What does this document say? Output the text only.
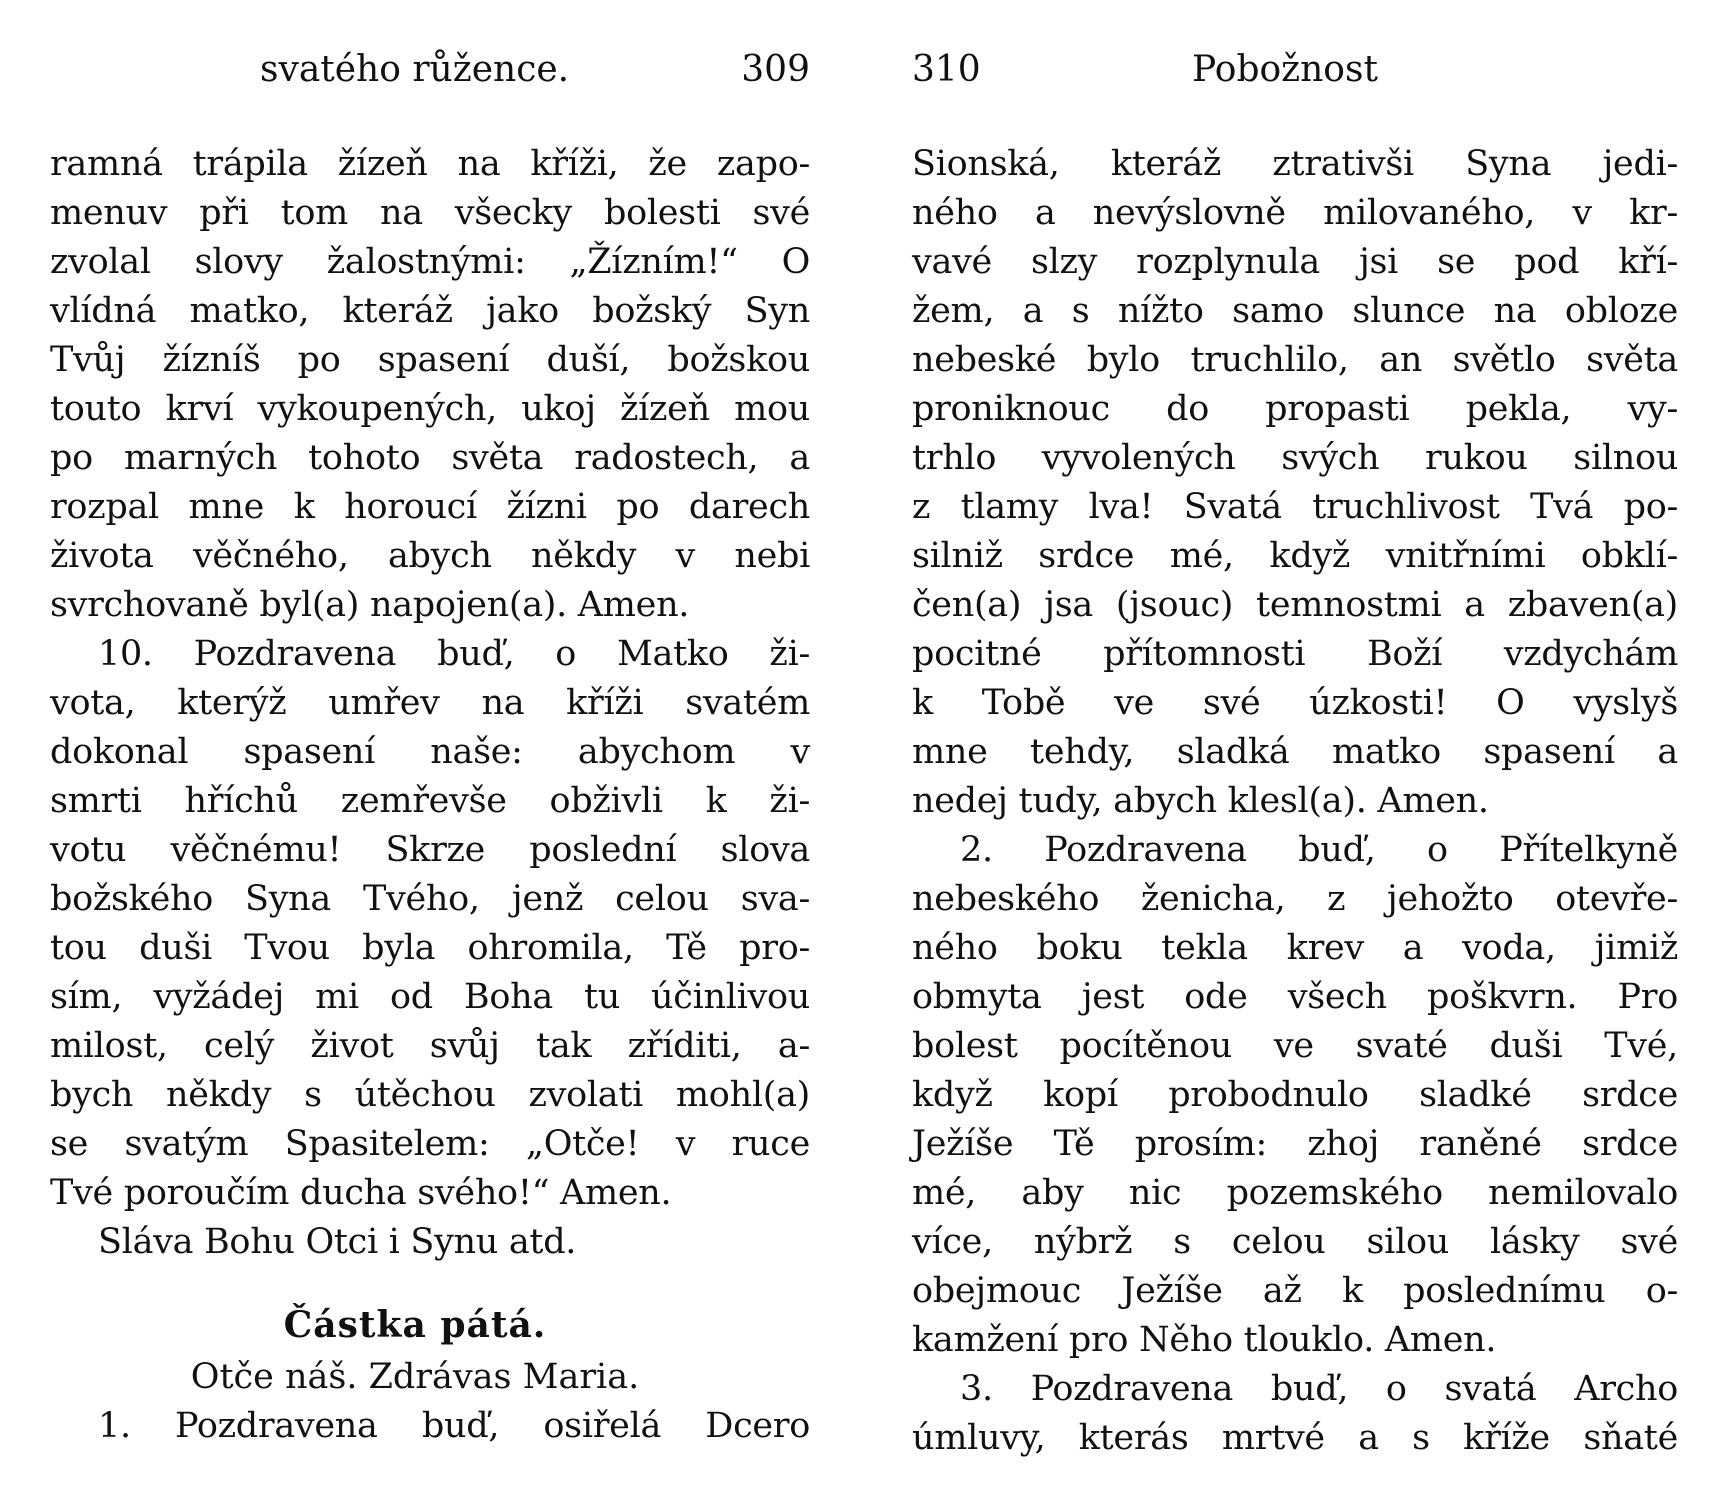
svatého růžence.	309
ramná trápila žízeň na kříži, že zapo-
menuv při tom na všecky bolesti své
zvolal slovy žalostnými: „Žízním!“ O
vlídná matko, kteráž jako božský Syn
Tvůj žízníš po spasení duší, božskou
touto krví vykoupených, ukoj žízeň mou
po marných tohoto světa radostech, a
rozpal mne k horoucí žízni po darech
života věčného, abych někdy v nebi
svrchovaně byl(a) napojen(a). Amen.
10. Pozdravena buď, o Matko ži-
vota, kterýž umřev na kříži svatém
dokonal spasení naše: abychom v
smrti hříchů zemřevše obživli k ži-
votu věčnému! Skrze poslední slova
božského Syna Tvého, jenž celou sva-
tou duši Tvou byla ohromila, Tě pro-
sím, vyžádej mi od Boha tu účinlivou
milost, celý život svůj tak zříditi, a-
bych někdy s útěchou zvolati mohl(a)
se svatým Spasitelem: „Otče! v ruce
Tvé poroučím ducha svého!“ Amen.
Sláva Bohu Otci i Synu atd.
Částka pátá.
Otče náš. Zdrávas Maria.
1. Pozdravena buď, osiřelá Dcero
310	Pobožnost
Sionská, kteráž ztrativši Syna jedi-
ného a nevýslovně milovaného, v kr-
vavé slzy rozplynula jsi se pod kří-
žem, a s nížto samo slunce na obloze
nebeské bylo truchlilo, an světlo světa
proniknouc do propasti pekla, vy-
trhlo vyvolených svých rukou silnou
z tlamy lva! Svatá truchlivost Tvá po-
silniž srdce mé, když vnitřními obklí-
čen(a) jsa (jsouc) temnostmi a zbaven(a)
pocitné přítomnosti Boží vzdychám
k Tobě ve své úzkosti! O vyslyš
mne tehdy, sladká matko spasení a
nedej tudy, abych klesl(a). Amen.
2. Pozdravena buď, o Přítelkyně
nebeského ženicha, z jehožto otevře-
ného boku tekla krev a voda, jimiž
obmyta jest ode všech poškvrn. Pro
bolest pocítěnou ve svaté duši Tvé,
když kopí probodnulo sladké srdce
Ježíše Tě prosím: zhoj raněné srdce
mé, aby nic pozemského nemilovalo
více, nýbrž s celou silou lásky své
obejmouc Ježíše až k poslednímu o-
kamžení pro Něho tlouklo. Amen.
3. Pozdravena buď, o svatá Archo
úmluvy, kterás mrtvé a s kříže sňaté
